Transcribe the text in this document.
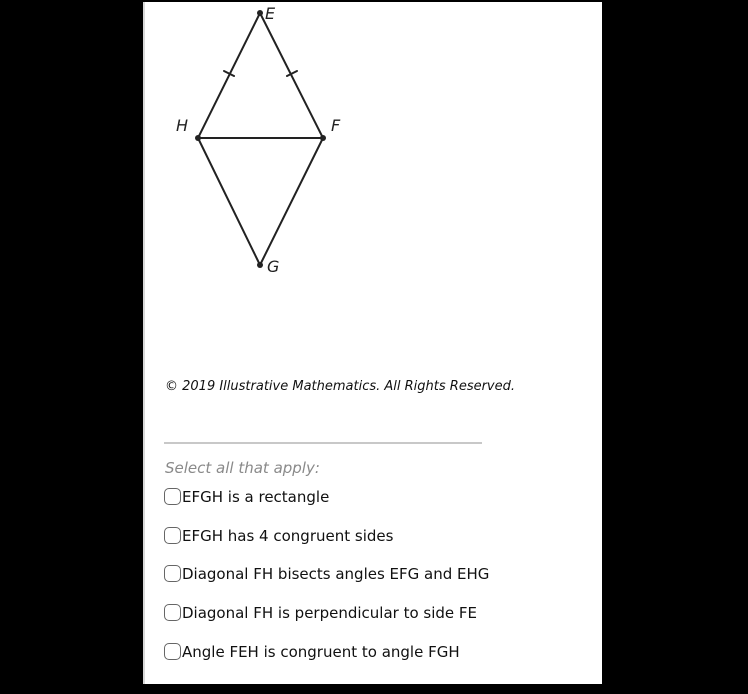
E
H	F
G
© 2019 Illustrative Mathematics. All Rights Reserved.
Select all that apply:
EFGH is a rectangle
EFGH has 4 congruent sides
Diagonal FH bisects angles EFG and EHG
Diagonal FH is perpendicular to side FE
Angle FEH is congruent to angle FGH
